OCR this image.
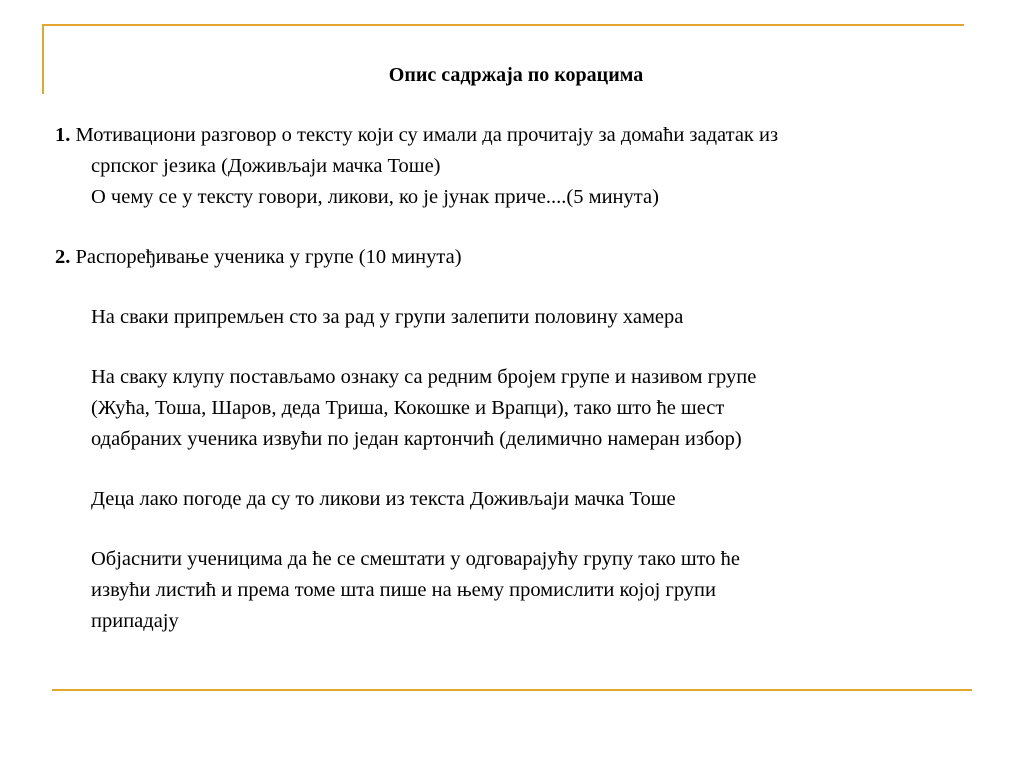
Опис садржаја по корацима

1. Мотивациони разговор о тексту који су имали да прочитају за домаћи задатак из

српског језика (Доживљаји мачка Тоше)

О чему се у тексту говори, ликови, ко је јунак приче....(5 минута)

2. Распоређивање ученика у групе (10 минута)

На сваки припремљен сто за рад у групи залепити половину хамера

На сваку клупу постављамо ознаку са редним бројем групе и називом групе

(Жућа, Тоша, Шаров, деда Триша, Кокошке и Врапци), тако што ће шест

одабраних ученика извући по један картончић (делимично намеран избор)

Деца лако погоде да су то ликови из текста Доживљаји мачка Тоше

Објаснити ученицима да ће се смештати у одговарајућу групу тако што ће

извући листић и према томе шта пише на њему промислити којој групи

припадају
